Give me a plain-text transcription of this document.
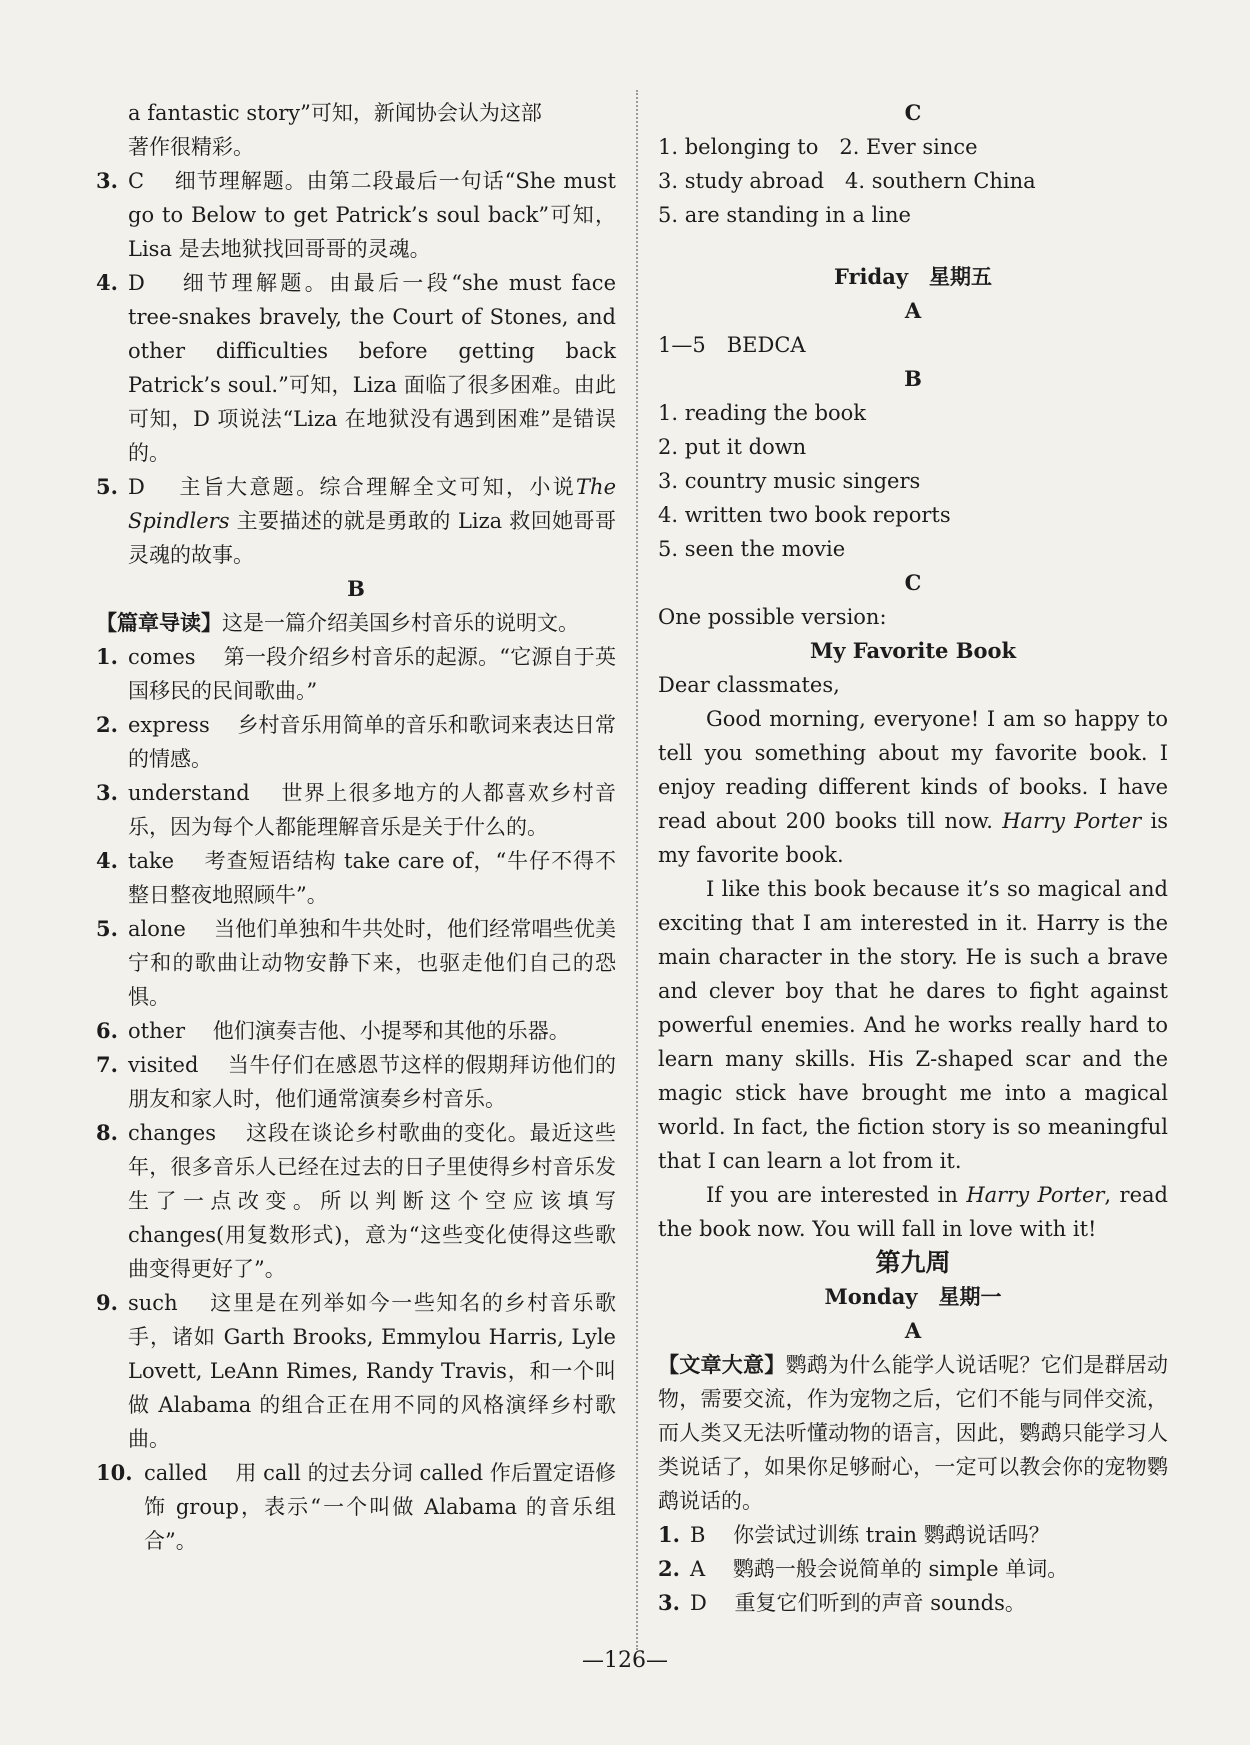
a fantastic story”可知，新闻协会认为这部

著作很精彩。

3. C　 细节理解题。由第二段最后一句话“She must go to Below to get Patrick’s soul back”可知，Lisa 是去地狱找回哥哥的灵魂。
4. D　 细节理解题。由最后一段“she must face tree-snakes bravely, the Court of Stones, and other difficulties before getting back Patrick’s soul.”可知，Liza 面临了很多困难。由此可知，D 项说法“Liza 在地狱没有遇到困难”是错误的。
5. D　 主旨大意题。综合理解全文可知，小说The Spindlers 主要描述的就是勇敢的 Liza 救回她哥哥灵魂的故事。

B

【篇章导读】这是一篇介绍美国乡村音乐的说明文。

1. comes　 第一段介绍乡村音乐的起源。“它源自于英国移民的民间歌曲。”
2. express　 乡村音乐用简单的音乐和歌词来表达日常的情感。
3. understand　 世界上很多地方的人都喜欢乡村音乐，因为每个人都能理解音乐是关于什么的。
4. take　 考查短语结构 take care of，“牛仔不得不整日整夜地照顾牛”。
5. alone　 当他们单独和牛共处时，他们经常唱些优美宁和的歌曲让动物安静下来，也驱走他们自己的恐惧。
6. other　 他们演奏吉他、小提琴和其他的乐器。
7. visited　 当牛仔们在感恩节这样的假期拜访他们的朋友和家人时，他们通常演奏乡村音乐。
8. changes　 这段在谈论乡村歌曲的变化。最近这些年，很多音乐人已经在过去的日子里使得乡村音乐发生了一点改变。所以判断这个空应该填写 changes(用复数形式)，意为“这些变化使得这些歌曲变得更好了”。
9. such　 这里是在列举如今一些知名的乡村音乐歌手，诸如 Garth Brooks, Emmylou Harris, Lyle Lovett, LeAnn Rimes, Randy Travis，和一个叫做 Alabama 的组合正在用不同的风格演绎乡村歌曲。
10. called　 用 call 的过去分词 called 作后置定语修饰 group，表示“一个叫做 Alabama 的音乐组合”。

C

1. belonging to　2. Ever since

3. study abroad　4. southern China

5. are standing in a line

Friday　星期五

A

1—5　BEDCA

B

1. reading the book

2. put it down

3. country music singers

4. written two book reports

5. seen the movie

C

One possible version:

My Favorite Book

Dear classmates,

Good morning, everyone! I am so happy to tell you something about my favorite book. I enjoy reading different kinds of books. I have read about 200 books till now. Harry Porter is my favorite book.

I like this book because it’s so magical and exciting that I am interested in it. Harry is the main character in the story. He is such a brave and clever boy that he dares to fight against powerful enemies. And he works really hard to learn many skills. His Z-shaped scar and the magic stick have brought me into a magical world. In fact, the fiction story is so meaningful that I can learn a lot from it.

If you are interested in Harry Porter, read the book now. You will fall in love with it!

第九周

Monday　星期一

A

【文章大意】鹦鹉为什么能学人说话呢？它们是群居动物，需要交流，作为宠物之后，它们不能与同伴交流，而人类又无法听懂动物的语言，因此，鹦鹉只能学习人类说话了，如果你足够耐心，一定可以教会你的宠物鹦鹉说话的。

1. B　 你尝试过训练 train 鹦鹉说话吗？
2. A　 鹦鹉一般会说简单的 simple 单词。
3. D　 重复它们听到的声音 sounds。
—126—
